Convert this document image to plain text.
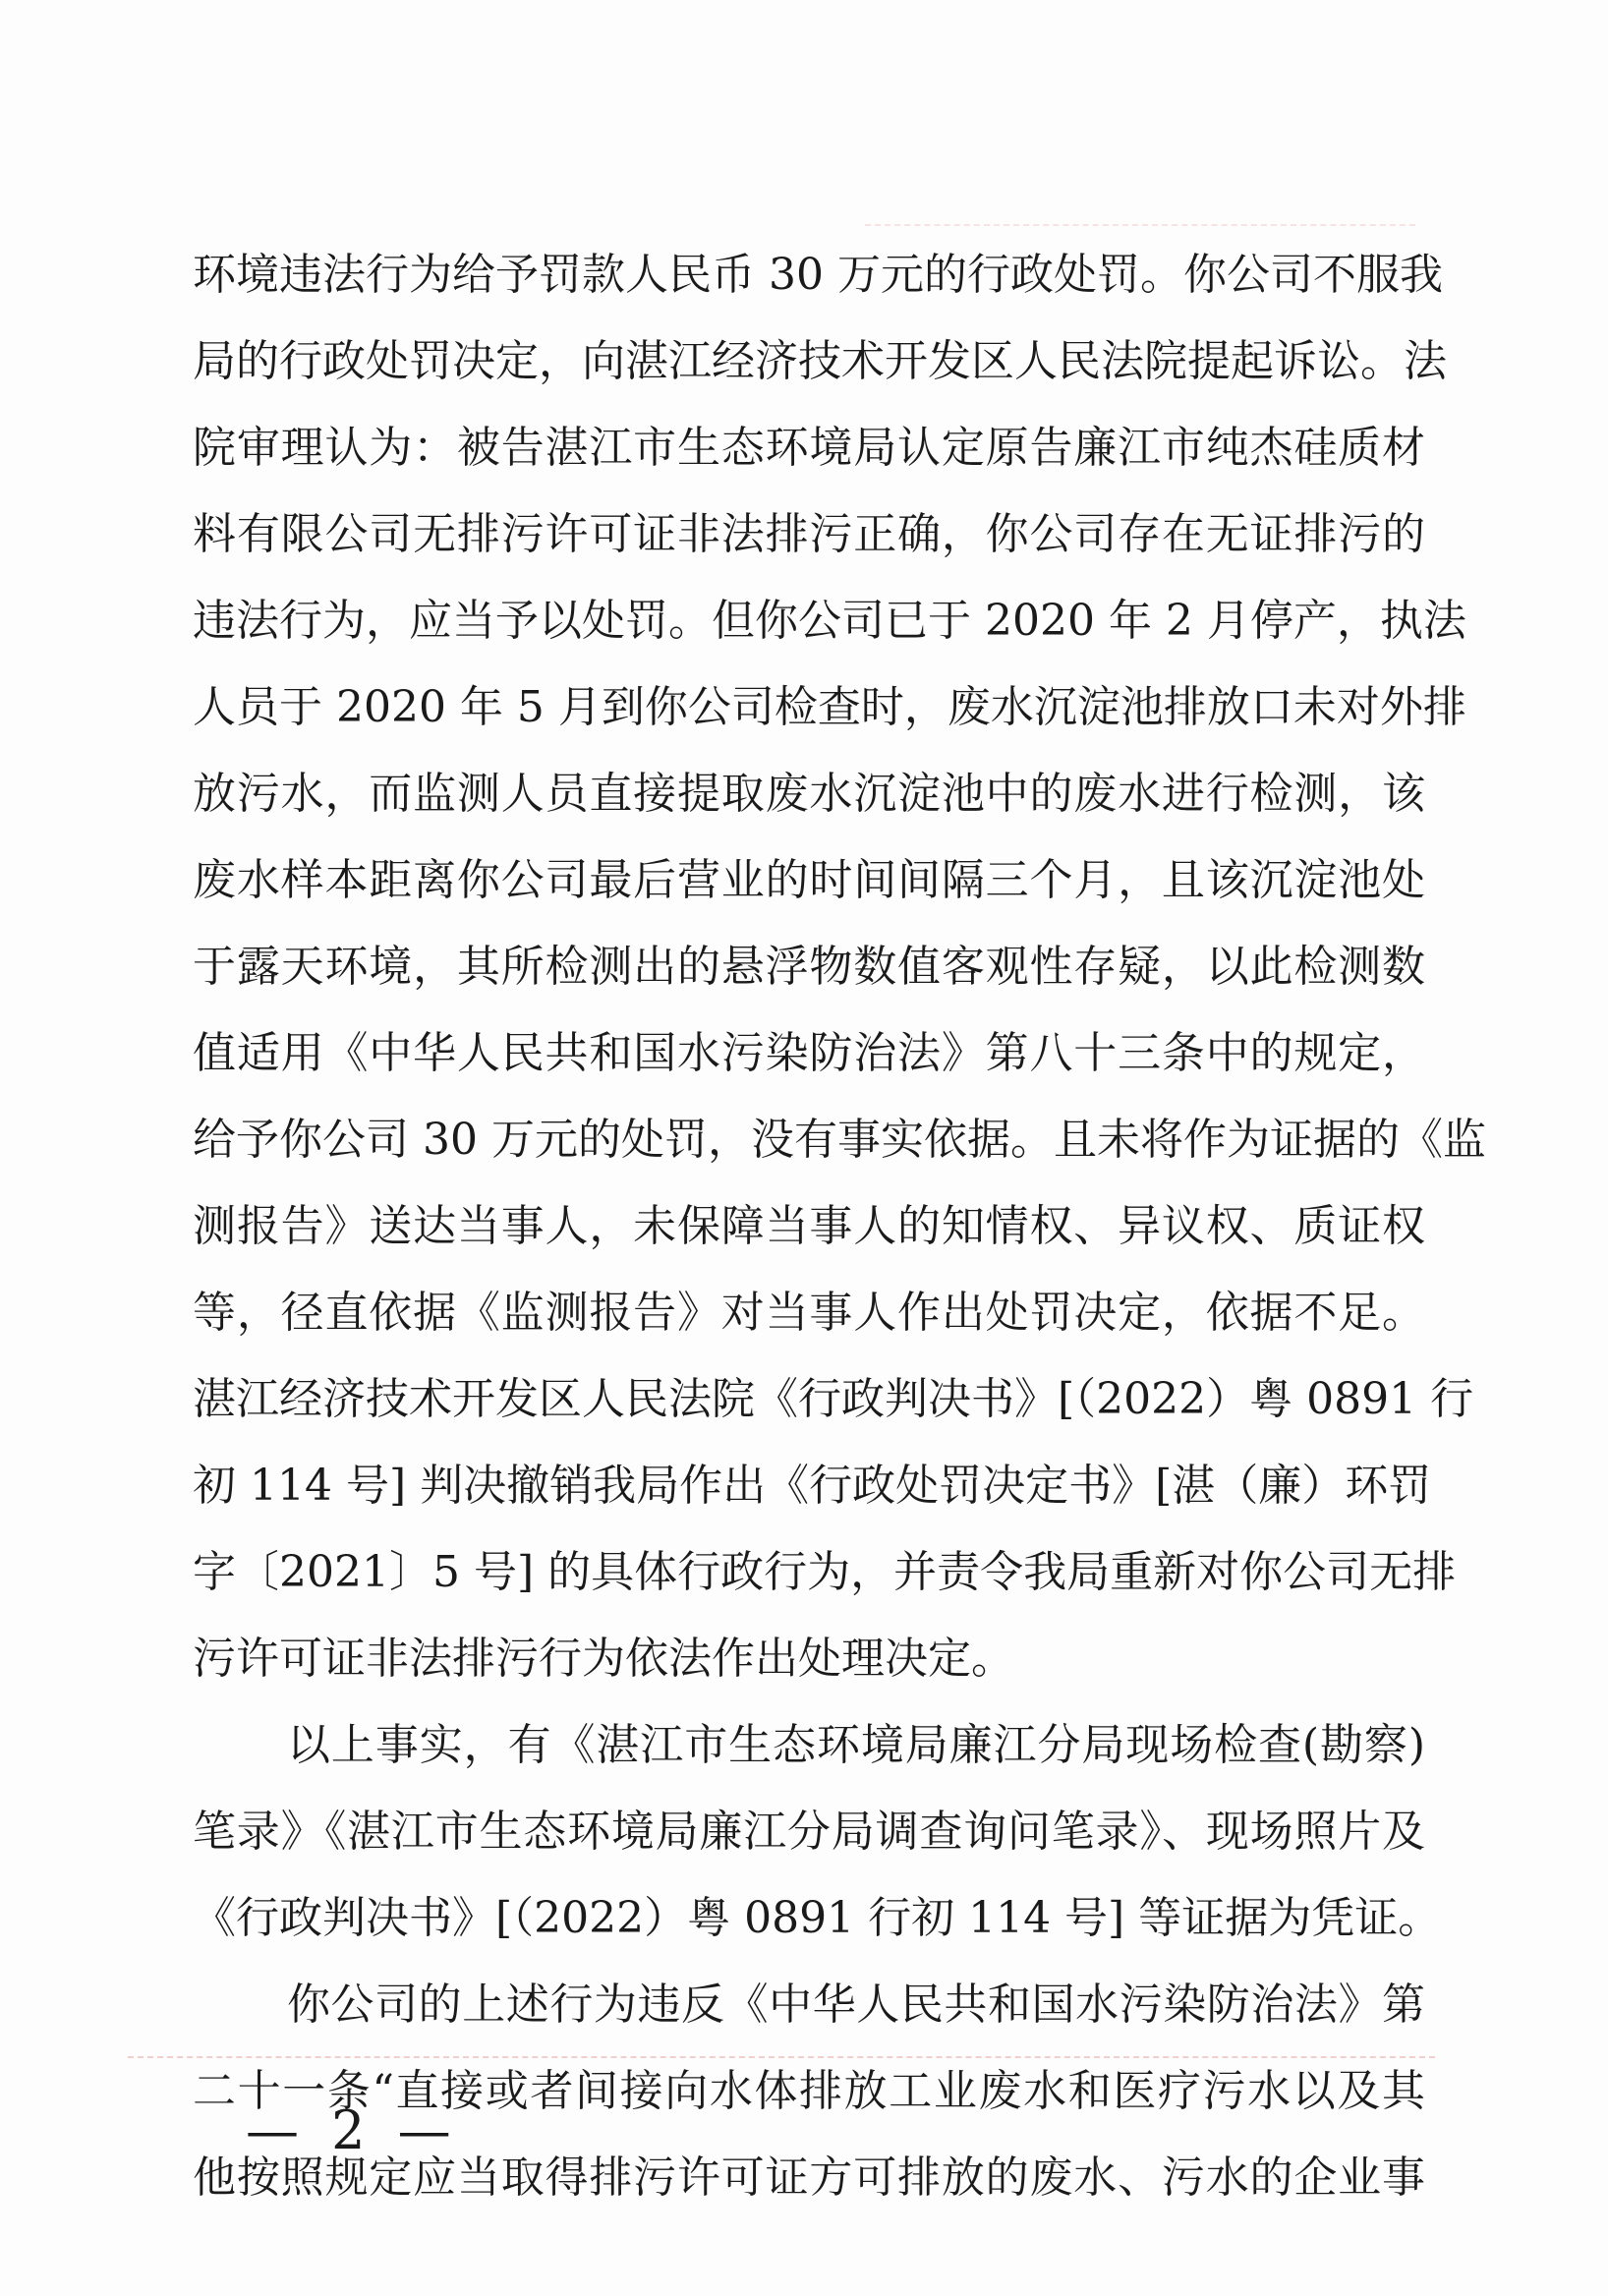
环境违法行为给予罚款人民币 30 万元的行政处罚。你公司不服我
局的行政处罚决定，向湛江经济技术开发区人民法院提起诉讼。法
院审理认为：被告湛江市生态环境局认定原告廉江市纯杰硅质材
料有限公司无排污许可证非法排污正确，你公司存在无证排污的
违法行为，应当予以处罚。但你公司已于 2020 年 2 月停产，执法
人员于 2020 年 5 月到你公司检查时，废水沉淀池排放口未对外排
放污水，而监测人员直接提取废水沉淀池中的废水进行检测，该
废水样本距离你公司最后营业的时间间隔三个月，且该沉淀池处
于露天环境，其所检测出的悬浮物数值客观性存疑，以此检测数
值适用《中华人民共和国水污染防治法》第八十三条中的规定，
给予你公司 30 万元的处罚，没有事实依据。且未将作为证据的《监
测报告》送达当事人，未保障当事人的知情权、异议权、质证权
等，径直依据《监测报告》对当事人作出处罚决定，依据不足。
湛江经济技术开发区人民法院《行政判决书》[（2022）粤 0891 行
初 114 号] 判决撤销我局作出《行政处罚决定书》[湛（廉）环罚
字〔2021〕5 号] 的具体行政行为，并责令我局重新对你公司无排
污许可证非法排污行为依法作出处理决定。
以上事实，有《湛江市生态环境局廉江分局现场检查(勘察)
笔录》《湛江市生态环境局廉江分局调查询问笔录》、现场照片及
《行政判决书》[（2022）粤 0891 行初 114 号] 等证据为凭证。
你公司的上述行为违反《中华人民共和国水污染防治法》第
二十一条“直接或者间接向水体排放工业废水和医疗污水以及其
他按照规定应当取得排污许可证方可排放的废水、污水的企业事
— 2 —
